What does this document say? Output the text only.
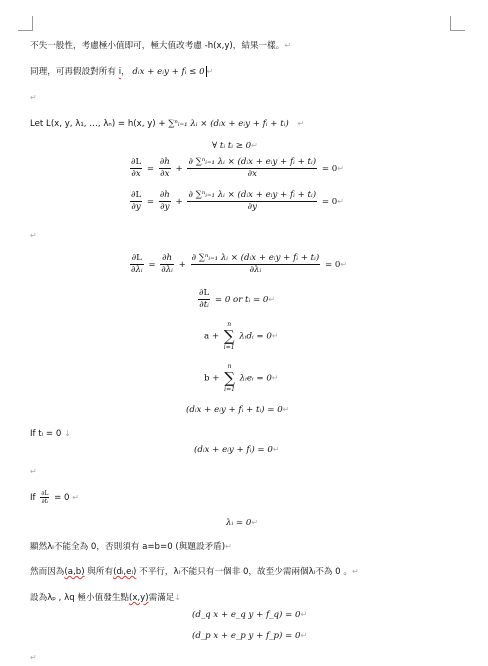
不失一般性，考慮極小值即可，極大值改考慮 -h(x,y)，結果一樣。↵
同理，可再假設對所有 i， dᵢx + eᵢy + fᵢ ≤ 0 ↵
↵
Let L(x, y, λ₁, …, λₙ) = h(x, y) + ∑ⁿᵢ₌₁ λᵢ × (dᵢx + eᵢy + fᵢ + tᵢ) ↵
∀ tᵢ tᵢ ≥ 0↵
$\frac{\partial L}{\partial x} = \frac{\partial h}{\partial x} + \frac{\text{∂ ∑ⁿᵢ₌₁ λᵢ × (dᵢx + eᵢy + fᵢ + tᵢ)}}{\partial x}$ = 0↵
$\frac{\partial L}{\partial y} = \frac{\partial h}{\partial y} + \frac{\text{∂ ∑ⁿᵢ₌₁ λᵢ × (dᵢx + eᵢy + fᵢ + tᵢ)}}{\partial y}$ = 0↵
↵
$\frac{\partial L}{\text{∂λᵢ}} = \frac{\partial h}{\text{∂λᵢ}} + \frac{\text{∂ ∑ⁿᵢ₌₁ λᵢ × (dᵢx + eᵢy + fᵢ + tᵢ)}}{\text{∂λᵢ}}$ = 0↵
$\frac{\partial L}{\text{∂tᵢ}} = 0$ or tᵢ = 0↵
a +
n
∑
i=1
λᵢdᵢ = 0↵
b +
n
∑
i=1
λᵢeᵢ = 0↵
(dᵢx + eᵢy + fᵢ + tᵢ) = 0↵
If tᵢ = 0 ↓
(dᵢx + eᵢy + fᵢ) = 0↵
↵
If $\frac{\partial L}{\text{∂tᵢ}} = 0$ ↵
λᵢ = 0↵
顯然λᵢ不能全為 0，否則須有 a=b=0 (與題設矛盾)↵
然而因為(a,b) 與所有(dᵢ,eᵢ) 不平行，λᵢ不能只有一個非 0，故至少需兩個λᵢ不為 0 。↵
設為λₚ , λq 極小值發生點(x,y)需滿足↓
(d_q x + e_q y + f_q) = 0↵
(d_p x + e_p y + f_p) = 0↵
↵
